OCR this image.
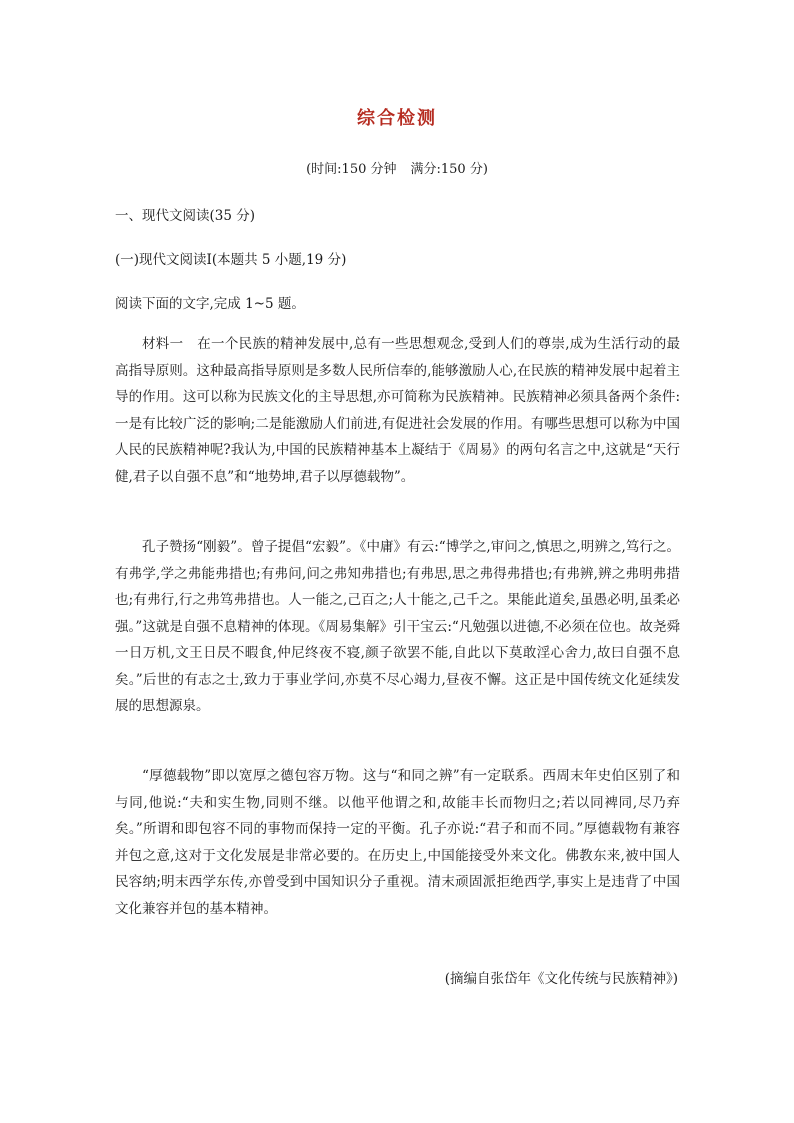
综合检测
(时间:150 分钟 满分:150 分)
一、现代文阅读(35 分)
(一)现代文阅读Ⅰ(本题共 5 小题,19 分)
阅读下面的文字,完成 1~5 题。

材料一　在一个民族的精神发展中,总有一些思想观念,受到人们的尊崇,成为生活行动的最高指导原则。这种最高指导原则是多数人民所信奉的,能够激励人心,在民族的精神发展中起着主导的作用。这可以称为民族文化的主导思想,亦可简称为民族精神。民族精神必须具备两个条件:一是有比较广泛的影响;二是能激励人们前进,有促进社会发展的作用。有哪些思想可以称为中国人民的民族精神呢?我认为,中国的民族精神基本上凝结于《周易》的两句名言之中,这就是“天行健,君子以自强不息”和“地势坤,君子以厚德载物”。

孔子赞扬“刚毅”。曾子提倡“宏毅”。《中庸》有云:“博学之,审问之,慎思之,明辨之,笃行之。有弗学,学之弗能弗措也;有弗问,问之弗知弗措也;有弗思,思之弗得弗措也;有弗辨,辨之弗明弗措也;有弗行,行之弗笃弗措也。人一能之,己百之;人十能之,己千之。果能此道矣,虽愚必明,虽柔必强。”这就是自强不息精神的体现。《周易集解》引干宝云:“凡勉强以进德,不必须在位也。故尧舜一日万机,文王日昃不暇食,仲尼终夜不寝,颜子欲罢不能,自此以下莫敢淫心舍力,故曰自强不息矣。”后世的有志之士,致力于事业学问,亦莫不尽心竭力,昼夜不懈。这正是中国传统文化延续发展的思想源泉。

“厚德载物”即以宽厚之德包容万物。这与“和同之辨”有一定联系。西周末年史伯区别了和与同,他说:“夫和实生物,同则不继。以他平他谓之和,故能丰长而物归之;若以同裨同,尽乃弃矣。”所谓和即包容不同的事物而保持一定的平衡。孔子亦说:“君子和而不同。”厚德载物有兼容并包之意,这对于文化发展是非常必要的。在历史上,中国能接受外来文化。佛教东来,被中国人民容纳;明末西学东传,亦曾受到中国知识分子重视。清末顽固派拒绝西学,事实上是违背了中国文化兼容并包的基本精神。

(摘编自张岱年《文化传统与民族精神》)
